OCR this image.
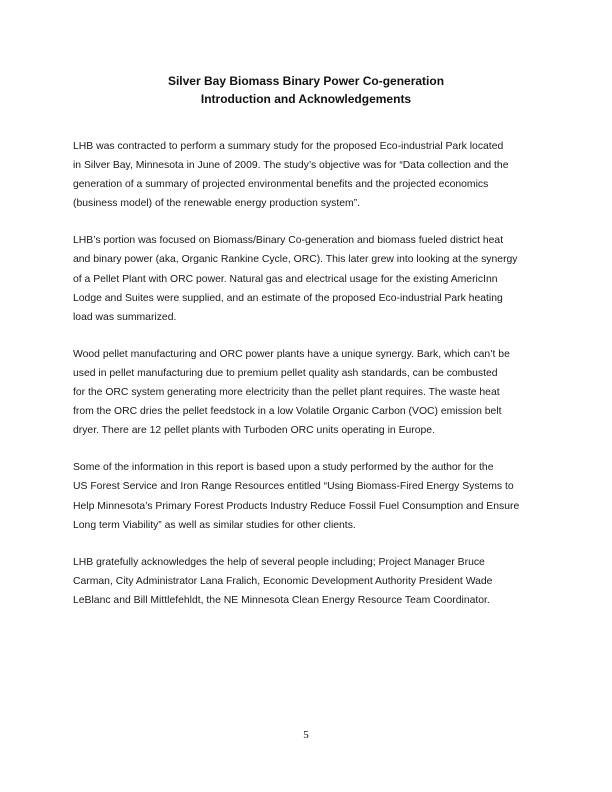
Silver Bay Biomass Binary Power Co-generation
Introduction and Acknowledgements

LHB was contracted to perform a summary study for the proposed Eco-industrial Park located
in Silver Bay, Minnesota in June of 2009. The study’s objective was for “Data collection and the
generation of a summary of projected environmental benefits and the projected economics
(business model) of the renewable energy production system”.

LHB’s portion was focused on Biomass/Binary Co-generation and biomass fueled district heat
and binary power (aka, Organic Rankine Cycle, ORC). This later grew into looking at the synergy
of a Pellet Plant with ORC power. Natural gas and electrical usage for the existing AmericInn
Lodge and Suites were supplied, and an estimate of the proposed Eco-industrial Park heating
load was summarized.

Wood pellet manufacturing and ORC power plants have a unique synergy. Bark, which can’t be
used in pellet manufacturing due to premium pellet quality ash standards, can be combusted
for the ORC system generating more electricity than the pellet plant requires. The waste heat
from the ORC dries the pellet feedstock in a low Volatile Organic Carbon (VOC) emission belt
dryer. There are 12 pellet plants with Turboden ORC units operating in Europe.

Some of the information in this report is based upon a study performed by the author for the
US Forest Service and Iron Range Resources entitled “Using Biomass-Fired Energy Systems to
Help Minnesota’s Primary Forest Products Industry Reduce Fossil Fuel Consumption and Ensure
Long term Viability” as well as similar studies for other clients.

LHB gratefully acknowledges the help of several people including; Project Manager Bruce
Carman, City Administrator Lana Fralich, Economic Development Authority President Wade
LeBlanc and Bill Mittlefehldt, the NE Minnesota Clean Energy Resource Team Coordinator.

5
